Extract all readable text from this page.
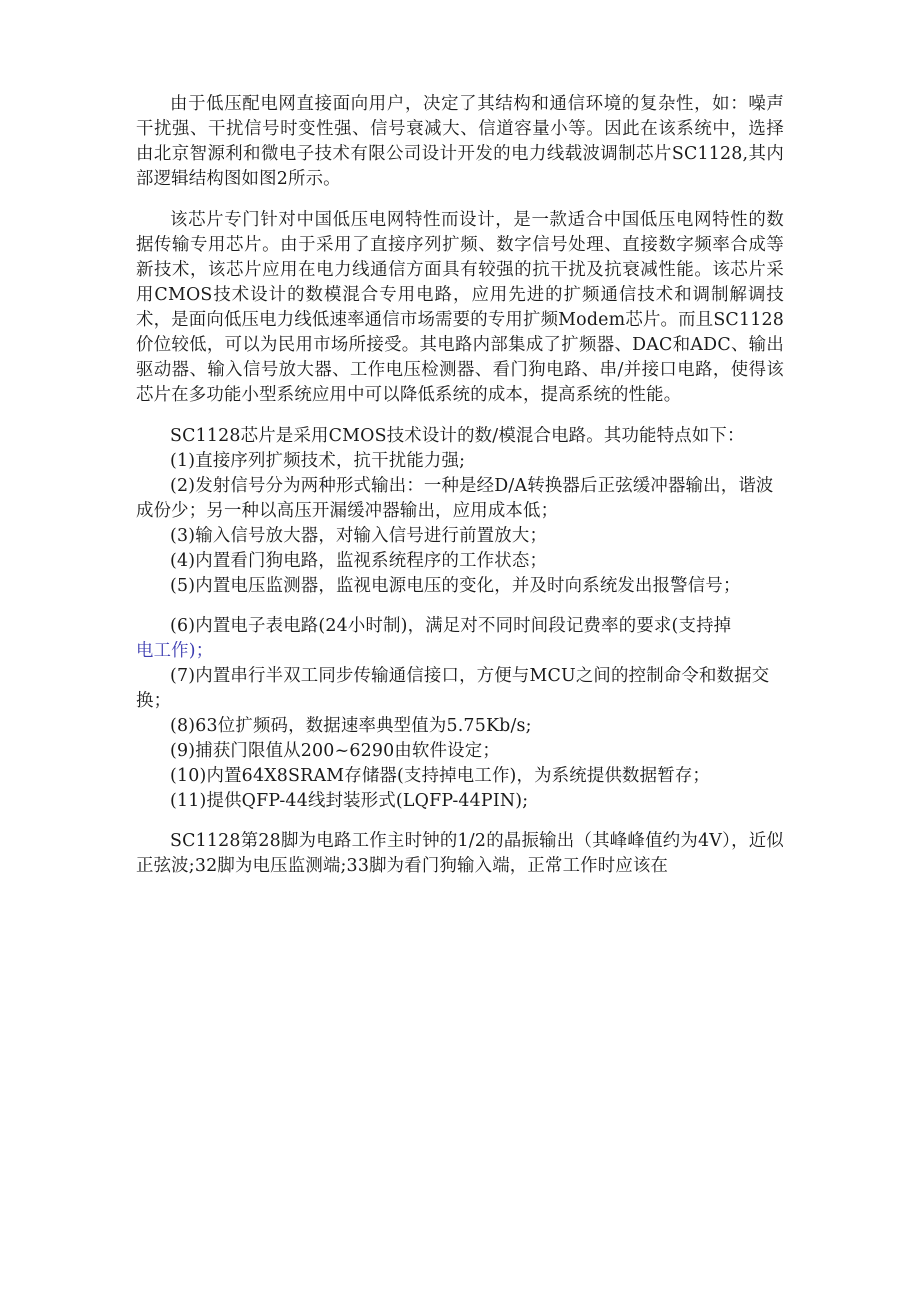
由于低压配电网直接面向用户，决定了其结构和通信环境的复杂性，如：噪声干扰强、干扰信号时变性强、信号衰减大、信道容量小等。因此在该系统中，选择由北京智源利和微电子技术有限公司设计开发的电力线载波调制芯片SC1128,其内部逻辑结构图如图2所示。

该芯片专门针对中国低压电网特性而设计，是一款适合中国低压电网特性的数据传输专用芯片。由于采用了直接序列扩频、数字信号处理、直接数字频率合成等新技术，该芯片应用在电力线通信方面具有较强的抗干扰及抗衰减性能。该芯片采用CMOS技术设计的数模混合专用电路，应用先进的扩频通信技术和调制解调技术，是面向低压电力线低速率通信市场需要的专用扩频Modem芯片。而且SC1128价位较低，可以为民用市场所接受。其电路内部集成了扩频器、DAC和ADC、输出驱动器、输入信号放大器、工作电压检测器、看门狗电路、串/并接口电路，使得该芯片在多功能小型系统应用中可以降低系统的成本，提高系统的性能。

SC1128芯片是采用CMOS技术设计的数/模混合电路。其功能特点如下：

(1)直接序列扩频技术，抗干扰能力强;

(2)发射信号分为两种形式输出：一种是经D/A转换器后正弦缓冲器输出，谐波成份少；另一种以高压开漏缓冲器输出，应用成本低；

(3)输入信号放大器，对输入信号进行前置放大；

(4)内置看门狗电路，监视系统程序的工作状态；

(5)内置电压监测器，监视电源电压的变化，并及时向系统发出报警信号；

(6)内置电子表电路(24小时制)，满足对不同时间段记费率的要求(支持掉

电工作)；

(7)内置串行半双工同步传输通信接口，方便与MCU之间的控制命令和数据交换；

(8)63位扩频码，数据速率典型值为5.75Kb/s;

(9)捕获门限值从200~6290由软件设定；

(10)内置64X8SRAM存储器(支持掉电工作)，为系统提供数据暂存；

(11)提供QFP-44线封装形式(LQFP-44PIN);

SC1128第28脚为电路工作主时钟的1/2的晶振输出（其峰峰值约为4V），近似正弦波;32脚为电压监测端;33脚为看门狗输入端，正常工作时应该在
